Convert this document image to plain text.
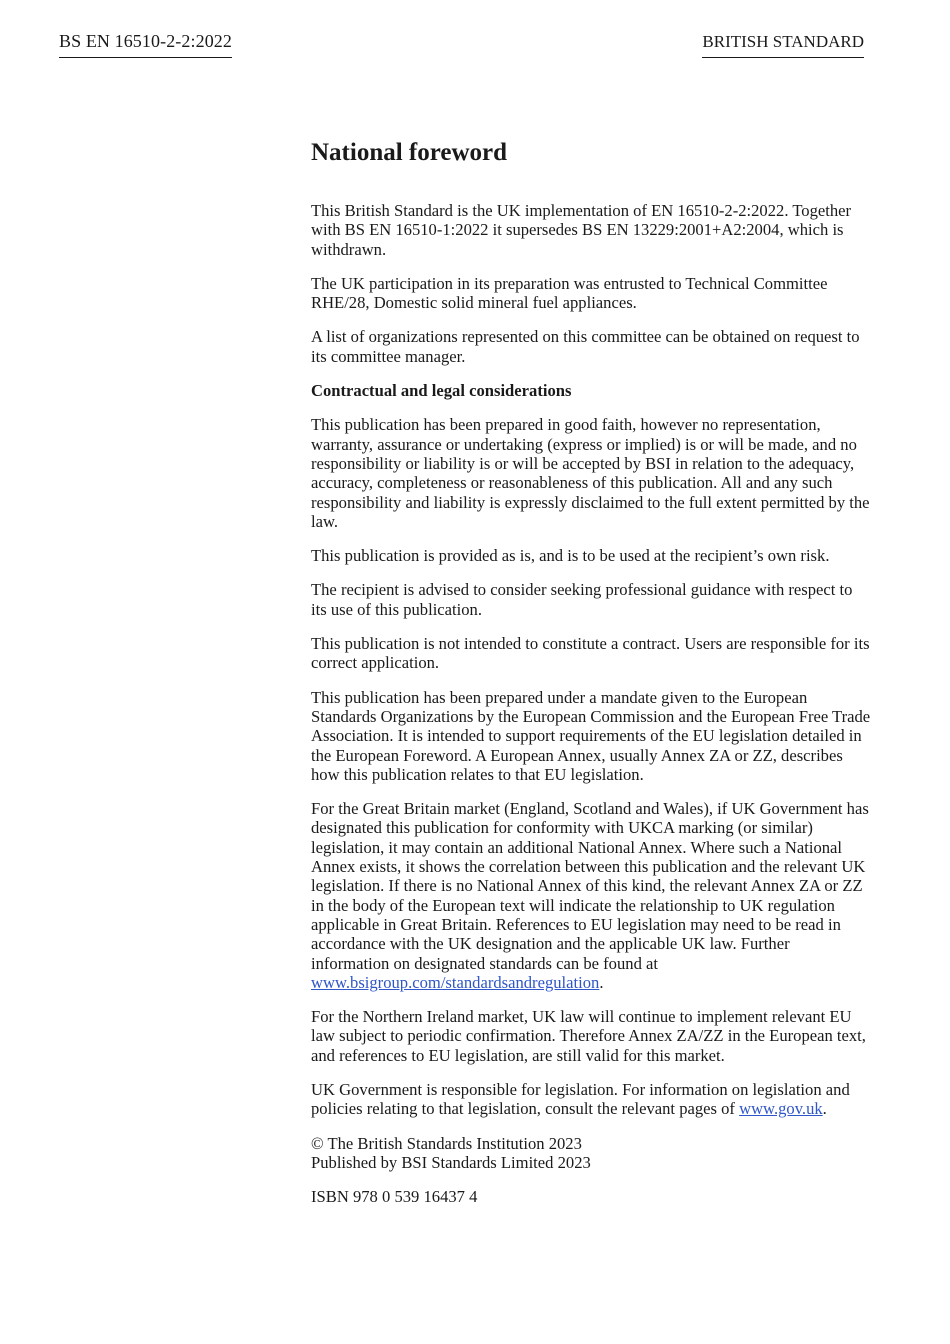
BS EN 16510-2-2:2022	BRITISH STANDARD
National foreword

This British Standard is the UK implementation of EN 16510-2-2:2022. Together with BS EN 16510-1:2022 it supersedes BS EN 13229:2001+A2:2004, which is withdrawn.

The UK participation in its preparation was entrusted to Technical Committee RHE/28, Domestic solid mineral fuel appliances.

A list of organizations represented on this committee can be obtained on request to its committee manager.

Contractual and legal considerations

This publication has been prepared in good faith, however no representation, warranty, assurance or undertaking (express or implied) is or will be made, and no responsibility or liability is or will be accepted by BSI in relation to the adequacy, accuracy, completeness or reasonableness of this publication. All and any such responsibility and liability is expressly disclaimed to the full extent permitted by the law.

This publication is provided as is, and is to be used at the recipient’s own risk.

The recipient is advised to consider seeking professional guidance with respect to its use of this publication.

This publication is not intended to constitute a contract. Users are responsible for its correct application.

This publication has been prepared under a mandate given to the European Standards Organizations by the European Commission and the European Free Trade Association. It is intended to support requirements of the EU legislation detailed in the European Foreword. A European Annex, usually Annex ZA or ZZ, describes how this publication relates to that EU legislation.

For the Great Britain market (England, Scotland and Wales), if UK Government has designated this publication for conformity with UKCA marking (or similar) legislation, it may contain an additional National Annex. Where such a National Annex exists, it shows the correlation between this publication and the relevant UK legislation. If there is no National Annex of this kind, the relevant Annex ZA or ZZ in the body of the European text will indicate the relationship to UK regulation applicable in Great Britain. References to EU legislation may need to be read in accordance with the UK designation and the applicable UK law. Further information on designated standards can be found at www.bsigroup.com/standardsandregulation.

For the Northern Ireland market, UK law will continue to implement relevant EU law subject to periodic confirmation. Therefore Annex ZA/ZZ in the European text, and references to EU legislation, are still valid for this market.

UK Government is responsible for legislation. For information on legislation and policies relating to that legislation, consult the relevant pages of www.gov.uk.

© The British Standards Institution 2023
Published by BSI Standards Limited 2023

ISBN 978 0 539 16437 4
